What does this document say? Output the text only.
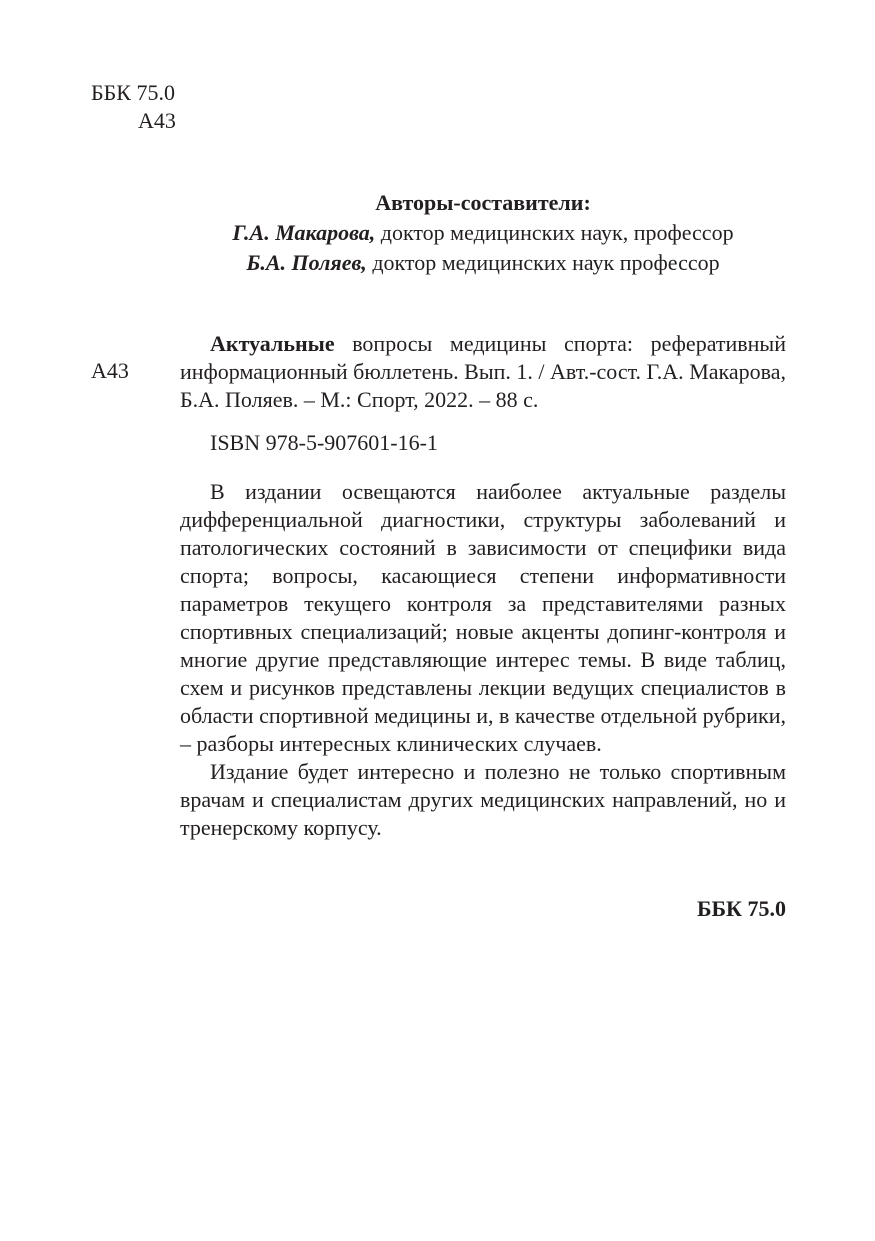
ББК 75.0
А43
Авторы-составители:
Г.А. Макарова, доктор медицинских наук, профессор
Б.А. Поляев, доктор медицинских наук профессор
А43

Актуальные вопросы медицины спорта: реферативный информационный бюллетень. Вып. 1. / Авт.-сост. Г.А. Макарова, Б.А. Поляев. – М.: Спорт, 2022. – 88 с.

ISBN 978-5-907601-16-1

В издании освещаются наиболее актуальные разделы дифференциальной диагностики, структуры заболеваний и патологических состояний в зависимости от специфики вида спорта; вопросы, касающиеся степени информативности параметров текущего контроля за представителями разных спортивных специализаций; новые акценты допинг-контроля и многие другие представляющие интерес темы. В виде таблиц, схем и рисунков представлены лекции ведущих специалистов в области спортивной медицины и, в качестве отдельной рубрики, – разборы интересных клинических случаев.

Издание будет интересно и полезно не только спортивным врачам и специалистам других медицинских направлений, но и тренерскому корпусу.

ББК 75.0
